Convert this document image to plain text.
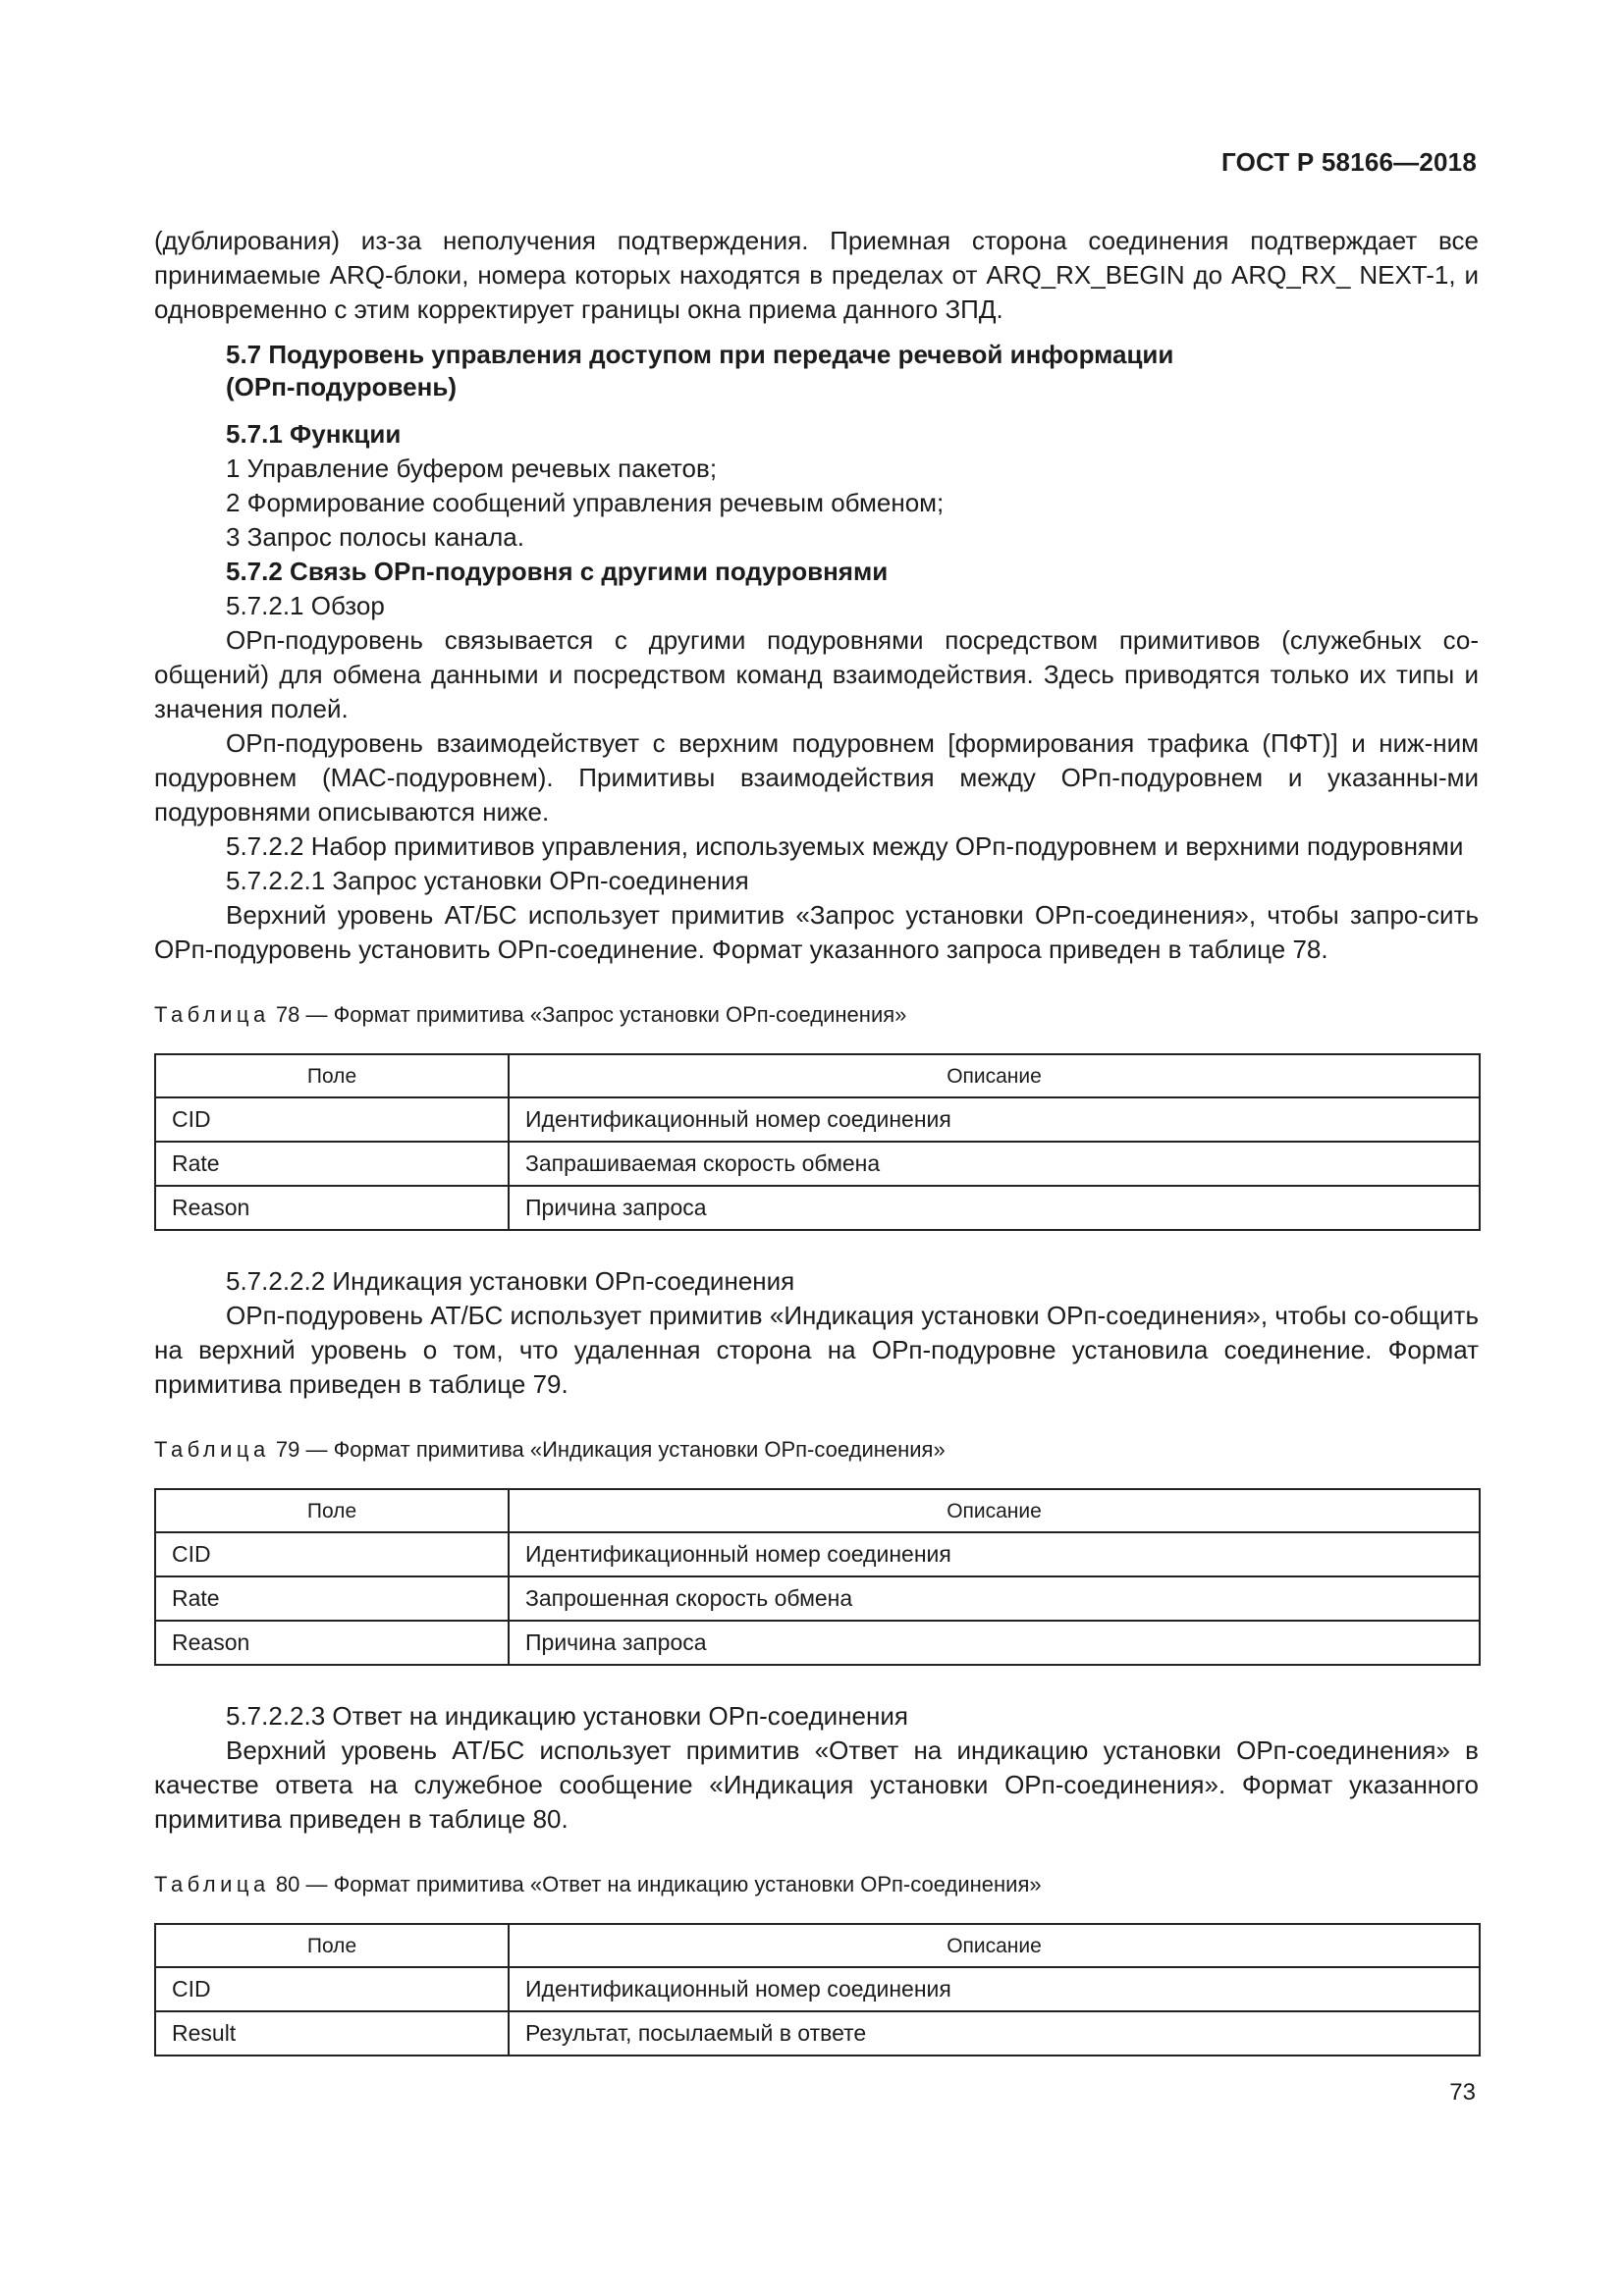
ГОСТ Р 58166—2018

(дублирования) из-за неполучения подтверждения. Приемная сторона соединения подтверждает все принимаемые ARQ-блоки, номера которых находятся в пределах от ARQ_RX_BEGIN до ARQ_RX_ NEXT-1, и одновременно с этим корректирует границы окна приема данного ЗПД.

5.7 Подуровень управления доступом при передаче речевой информации
(ОРп-подуровень)
5.7.1 Функции
1 Управление буфером речевых пакетов;
2 Формирование сообщений управления речевым обменом;
3 Запрос полосы канала.
5.7.2 Связь ОРп-подуровня с другими подуровнями
5.7.2.1 Обзор

ОРп-подуровень связывается с другими подуровнями посредством примитивов (служебных со-общений) для обмена данными и посредством команд взаимодействия. Здесь приводятся только их типы и значения полей.

ОРп-подуровень взаимодействует с верхним подуровнем [формирования трафика (ПФТ)] и ниж-ним подуровнем (МАС-подуровнем). Примитивы взаимодействия между ОРп-подуровнем и указанны-ми подуровнями описываются ниже.

5.7.2.2 Набор примитивов управления, используемых между ОРп-подуровнем и верхними подуровнями

5.7.2.2.1 Запрос установки ОРп-соединения

Верхний уровень АТ/БС использует примитив «Запрос установки ОРп-соединения», чтобы запро-сить ОРп-подуровень установить ОРп-соединение. Формат указанного запроса приведен в таблице 78.

Таблица 78 — Формат примитива «Запрос установки ОРп-соединения»

Поле	Описание
CID	Идентификационный номер соединения
Rate	Запрашиваемая скорость обмена
Reason	Причина запроса
5.7.2.2.2 Индикация установки ОРп-соединения

ОРп-подуровень АТ/БС использует примитив «Индикация установки ОРп-соединения», чтобы со-общить на верхний уровень о том, что удаленная сторона на ОРп-подуровне установила соединение. Формат примитива приведен в таблице 79.

Таблица 79 — Формат примитива «Индикация установки ОРп-соединения»

Поле	Описание
CID	Идентификационный номер соединения
Rate	Запрошенная скорость обмена
Reason	Причина запроса
5.7.2.2.3 Ответ на индикацию установки ОРп-соединения

Верхний уровень АТ/БС использует примитив «Ответ на индикацию установки ОРп-соединения» в качестве ответа на служебное сообщение «Индикация установки ОРп-соединения». Формат указанного примитива приведен в таблице 80.

Таблица 80 — Формат примитива «Ответ на индикацию установки ОРп-соединения»

Поле	Описание
CID	Идентификационный номер соединения
Result	Результат, посылаемый в ответе
73
